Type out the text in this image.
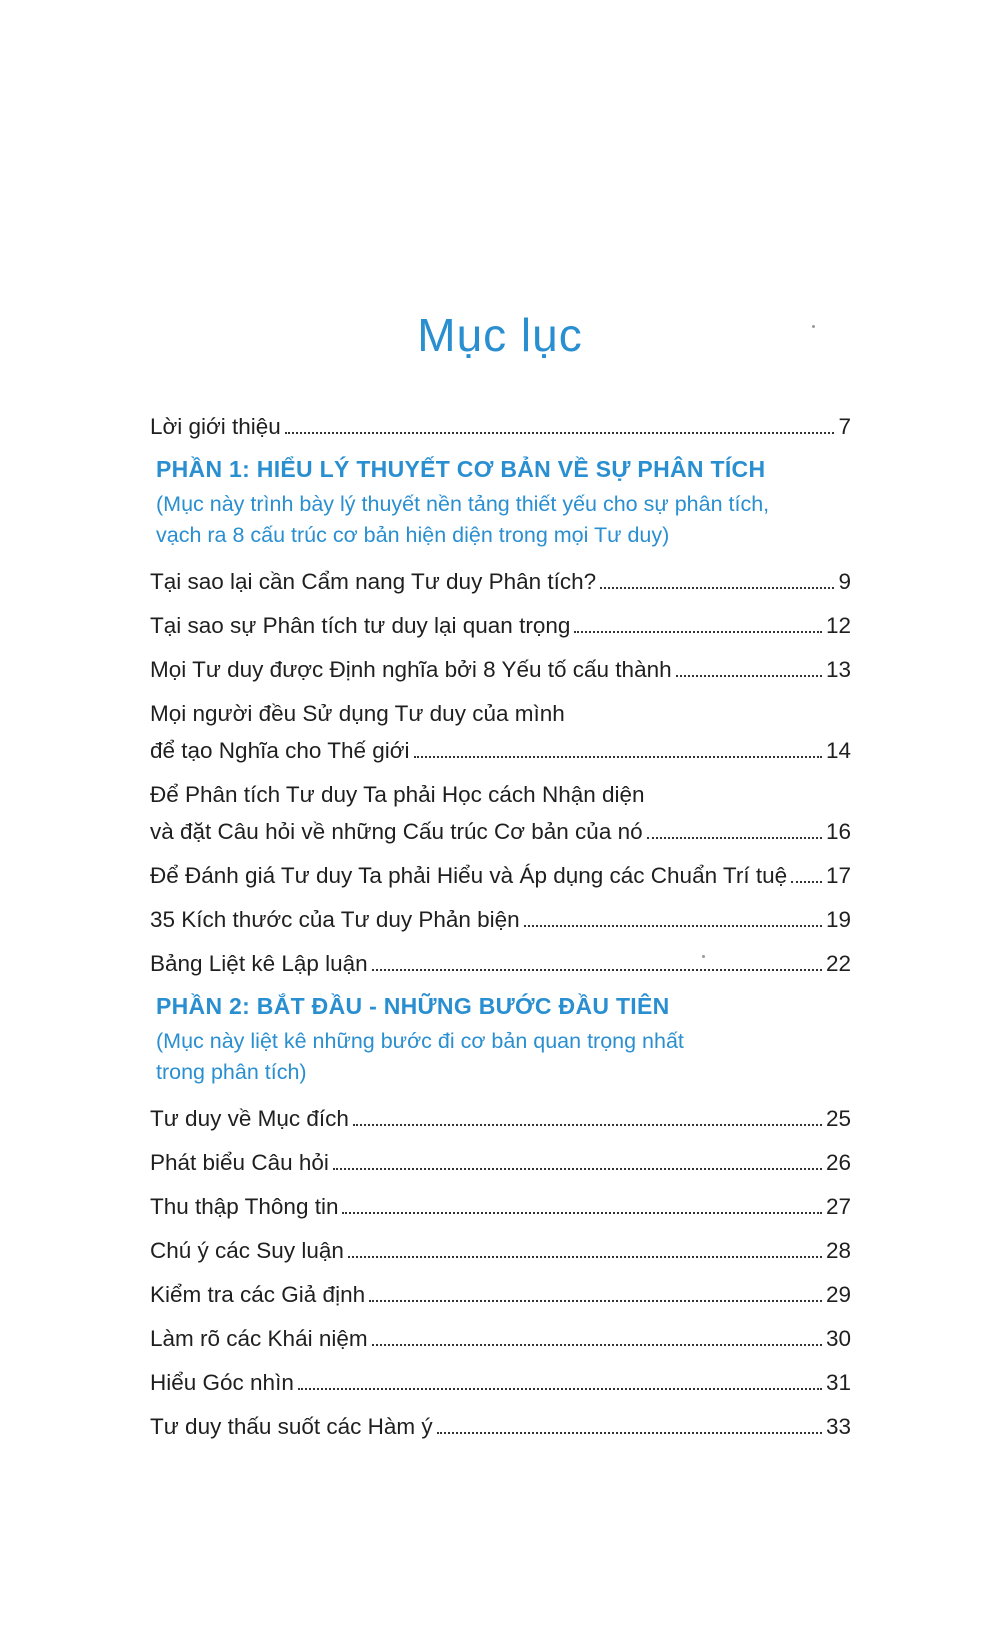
Mục lục
Lời giới thiệu	7
PHẦN 1: HIỂU LÝ THUYẾT CƠ BẢN VỀ SỰ PHÂN TÍCH
(Mục này trình bày lý thuyết nền tảng thiết yếu cho sự phân tích,
vạch ra 8 cấu trúc cơ bản hiện diện trong mọi Tư duy)
Tại sao lại cần Cẩm nang Tư duy Phân tích?	9
Tại sao sự Phân tích tư duy lại quan trọng	12
Mọi Tư duy được Định nghĩa bởi 8 Yếu tố cấu thành	13
Mọi người đều Sử dụng Tư duy của mình
để tạo Nghĩa cho Thế giới	14
Để Phân tích Tư duy Ta phải Học cách Nhận diện
và đặt Câu hỏi về những Cấu trúc Cơ bản của nó	16
Để Đánh giá Tư duy Ta phải Hiểu và Áp dụng các Chuẩn Trí tuệ 17
35 Kích thước của Tư duy Phản biện	19
Bảng Liệt kê Lập luận	22
PHẦN 2: BẮT ĐẦU - NHỮNG BƯỚC ĐẦU TIÊN
(Mục này liệt kê những bước đi cơ bản quan trọng nhất
trong phân tích)
Tư duy về Mục đích	25
Phát biểu Câu hỏi	26
Thu thập Thông tin	27
Chú ý các Suy luận	28
Kiểm tra các Giả định	29
Làm rõ các Khái niệm	30
Hiểu Góc nhìn	31
Tư duy thấu suốt các Hàm ý	33
